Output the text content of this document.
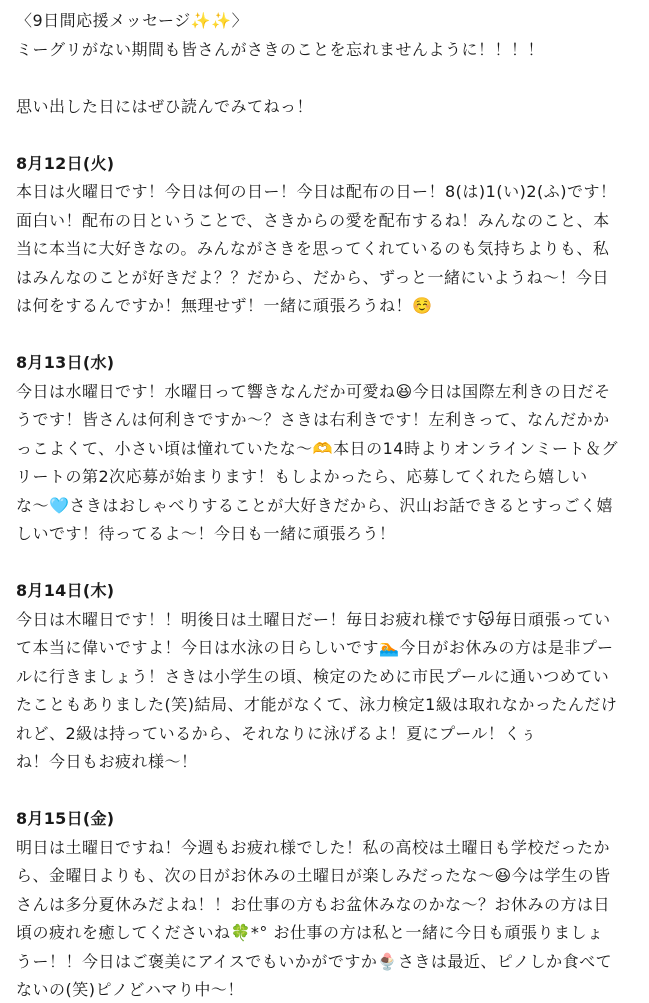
〈9日間応援メッセージ✨✨〉
ミーグリがない期間も皆さんがさきのことを忘れませんように！！！！
思い出した日にはぜひ読んでみてねっ！
8月12日(火)
本日は火曜日です！今日は何の日ー！今日は配布の日ー！8(は)1(い)2(ふ)です！
面白い！配布の日ということで、さきからの愛を配布するね！みんなのこと、本
当に本当に大好きなの。みんながさきを思ってくれているのも気持ちよりも、私
はみんなのことが好きだよ？？だから、だから、ずっと一緒にいようね〜！今日
は何をするんですか！無理せず！一緒に頑張ろうね！☺️
8月13日(水)
今日は水曜日です！水曜日って響きなんだか可愛ね😆今日は国際左利きの日だそ
うです！皆さんは何利きですか〜？さきは右利きです！左利きって、なんだかか
っこよくて、小さい頃は憧れていたな〜🫶本日の14時よりオンラインミート＆グ
リートの第2次応募が始まります！もしよかったら、応募してくれたら嬉しい
な〜🩵さきはおしゃべりすることが大好きだから、沢山お話できるとすっごく嬉
しいです！待ってるよ〜！今日も一緒に頑張ろう！
8月14日(木)
今日は木曜日です！！明後日は土曜日だー！毎日お疲れ様です😽毎日頑張ってい
て本当に偉いですよ！今日は水泳の日らしいです🏊今日がお休みの方は是非プー
ルに行きましょう！さきは小学生の頃、検定のために市民プールに通いつめてい
たこともありました(笑)結局、才能がなくて、泳力検定1級は取れなかったんだけ
れど、2級は持っているから、それなりに泳げるよ！夏にプール！くぅ
ね！今日もお疲れ様〜！
8月15日(金)
明日は土曜日ですね！今週もお疲れ様でした！私の高校は土曜日も学校だったか
ら、金曜日よりも、次の日がお休みの土曜日が楽しみだったな〜😆今は学生の皆
さんは多分夏休みだよね！！お仕事の方もお盆休みなのかな〜？お休みの方は日
頃の疲れを癒してくださいね🍀*° お仕事の方は私と一緒に今日も頑張りましょ
うー！！今日はご褒美にアイスでもいかがですか🍨さきは最近、ピノしか食べて
ないの(笑)ピノどハマり中〜！
